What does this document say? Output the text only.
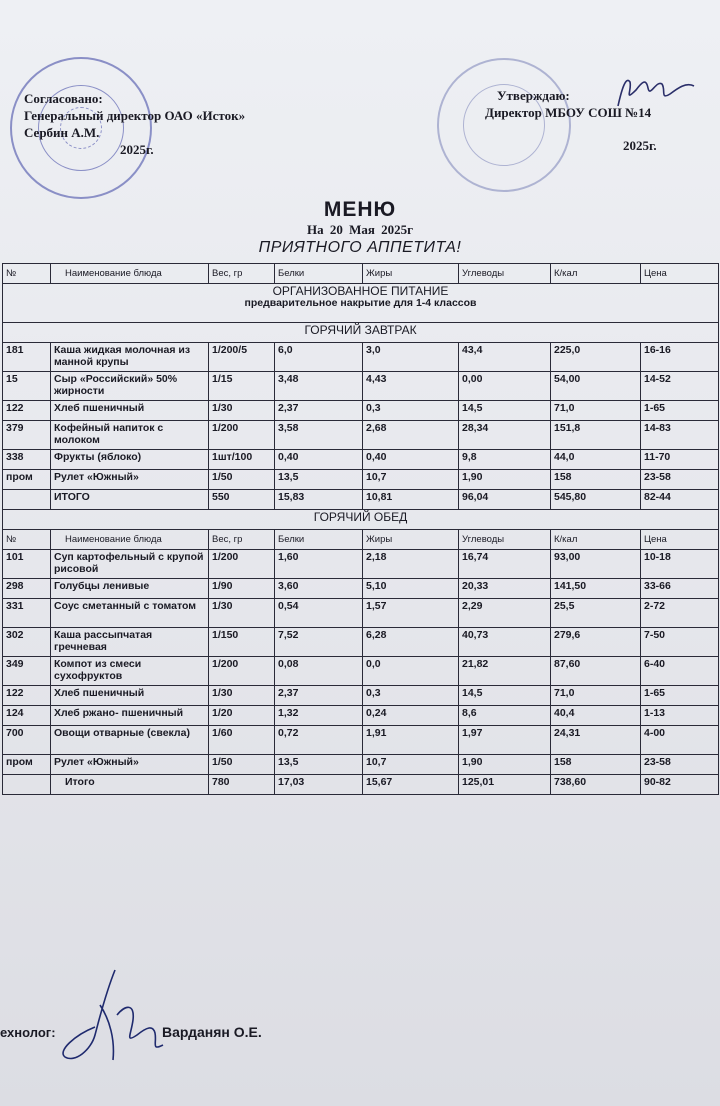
Согласовано:
Генеральный директор ОАО «Исток»
Сербин А.М.
2025г.
Утверждаю:
Директор МБОУ СОШ №14
2025г.
МЕНЮ
На 20 Мая 2025г
ПРИЯТНОГО АППЕТИТА!
№	Наименование блюда	Вес, гр	Белки	Жиры	Углеводы	К/кал	Цена
ОРГАНИЗОВАННОЕ ПИТАНИЕ
предварительное накрытие для 1-4 классов							

ГОРЯЧИЙ ЗАВТРАК							
181	Каша жидкая молочная из манной крупы	1/200/5	6,0	3,0	43,4	225,0	16-16
15	Сыр «Российский» 50% жирности	1/15	3,48	4,43	0,00	54,00	14-52
122	Хлеб пшеничный	1/30	2,37	0,3	14,5	71,0	1-65
379	Кофейный напиток с молоком	1/200	3,58	2,68	28,34	151,8	14-83
338	Фрукты (яблоко)	1шт/100	0,40	0,40	9,8	44,0	11-70
пром	Рулет «Южный»	1/50	13,5	10,7	1,90	158	23-58
	ИТОГО	550	15,83	10,81	96,04	545,80	82-44
ГОРЯЧИЙ ОБЕД							
№	Наименование блюда	Вес, гр	Белки	Жиры	Углеводы	К/кал	Цена
101	Суп картофельный с крупой рисовой	1/200	1,60	2,18	16,74	93,00	10-18
298	Голубцы ленивые	1/90	3,60	5,10	20,33	141,50	33-66
331	Соус сметанный с томатом	1/30	0,54	1,57	2,29	25,5	2-72
302	Каша рассыпчатая гречневая	1/150	7,52	6,28	40,73	279,6	7-50
349	Компот из смеси сухофруктов	1/200	0,08	0,0	21,82	87,60	6-40
122	Хлеб пшеничный	1/30	2,37	0,3	14,5	71,0	1-65
124	Хлеб ржано- пшеничный	1/20	1,32	0,24	8,6	40,4	1-13
700	Овощи отварные (свекла)	1/60	0,72	1,91	1,97	24,31	4-00
пром	Рулет «Южный»	1/50	13,5	10,7	1,90	158	23-58
	Итого	780	17,03	15,67	125,01	738,60	90-82
ехнолог:	Варданян О.Е.
